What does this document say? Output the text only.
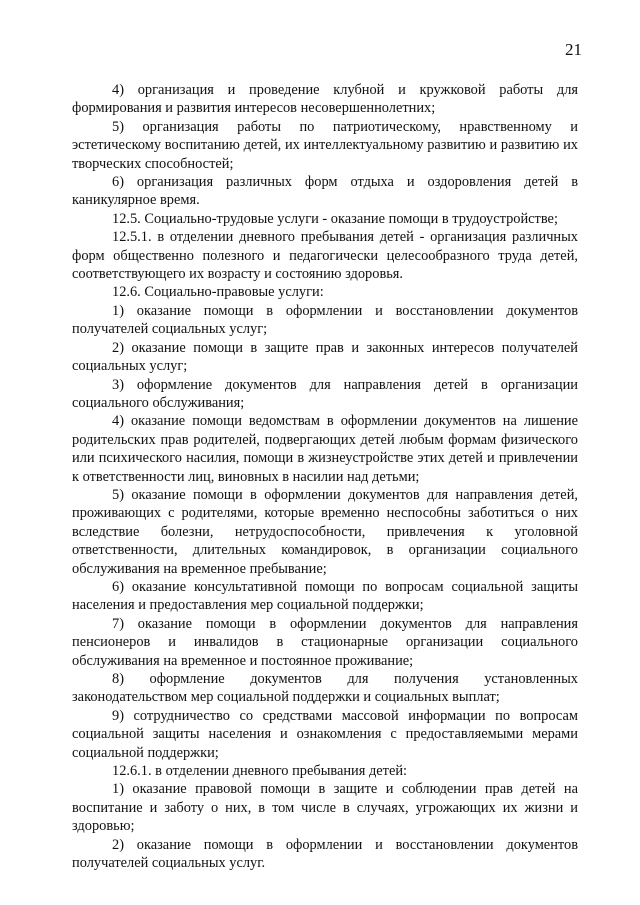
21

4) организация и проведение клубной и кружковой работы для формирования и развития интересов несовершеннолетних;

5) организация работы по патриотическому, нравственному и эстетическому воспитанию детей, их интеллектуальному развитию и развитию их творческих способностей;

6) организация различных форм отдыха и оздоровления детей в каникулярное время.

12.5. Социально-трудовые услуги - оказание помощи в трудоустройстве;

12.5.1. в отделении дневного пребывания детей - организация различных форм общественно полезного и педагогически целесообразного труда детей, соответствующего их возрасту и состоянию здоровья.

12.6. Социально-правовые услуги:

1) оказание помощи в оформлении и восстановлении документов получателей социальных услуг;

2) оказание помощи в защите прав и законных интересов получателей социальных услуг;

3) оформление документов для направления детей в организации социального обслуживания;

4) оказание помощи ведомствам в оформлении документов на лишение родительских прав родителей, подвергающих детей любым формам физического или психического насилия, помощи в жизнеустройстве этих детей и привлечении к ответственности лиц, виновных в насилии над детьми;

5) оказание помощи в оформлении документов для направления детей, проживающих с родителями, которые временно неспособны заботиться о них вследствие болезни, нетрудоспособности, привлечения к уголовной ответственности, длительных командировок, в организации социального обслуживания на временное пребывание;

6) оказание консультативной помощи по вопросам социальной защиты населения и предоставления мер социальной поддержки;

7) оказание помощи в оформлении документов для направления пенсионеров и инвалидов в стационарные организации социального обслуживания на временное и постоянное проживание;

8) оформление документов для получения установленных законодательством мер социальной поддержки и социальных выплат;

9) сотрудничество со средствами массовой информации по вопросам социальной защиты населения и ознакомления с предоставляемыми мерами социальной поддержки;

12.6.1. в отделении дневного пребывания детей:

1) оказание правовой помощи в защите и соблюдении прав детей на воспитание и заботу о них, в том числе в случаях, угрожающих их жизни и здоровью;

2) оказание помощи в оформлении и восстановлении документов получателей социальных услуг.
